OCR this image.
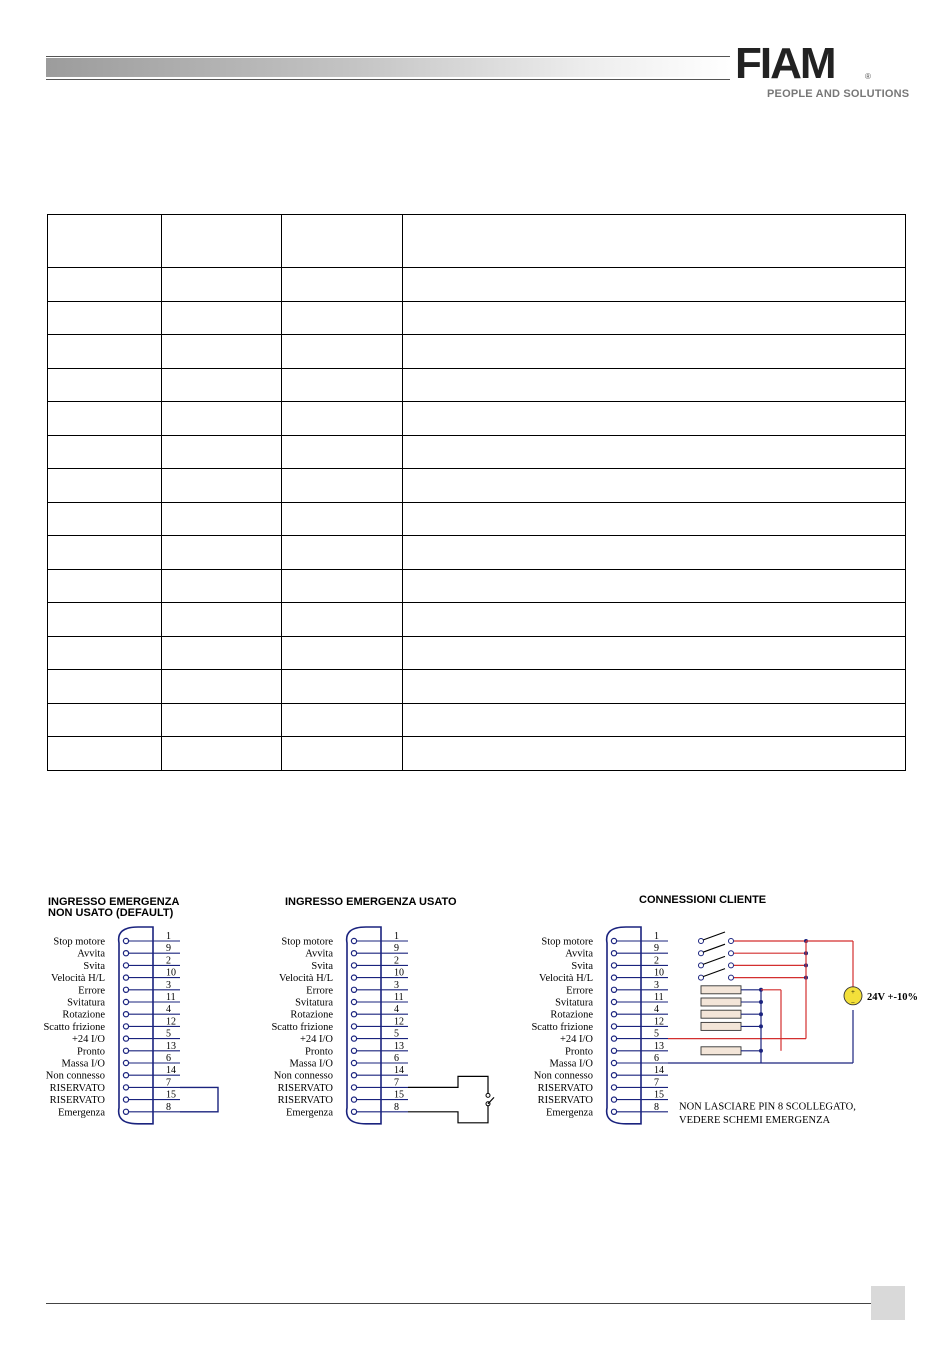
FIAM	®
PEOPLE AND SOLUTIONS

INGRESSO EMERGENZA
NON USATO (DEFAULT)
Stop motore
Avvita
Svita
Velocità H/L
Errore
Svitatura
Rotazione
Scatto frizione
+24 I/O
Pronto
Massa I/O
Non connesso
RISERVATO
RISERVATO
Emergenza
1
9
2
10
3
11
4
12
5
13
6
14
7
15
8
INGRESSO EMERGENZA USATO
Stop motore
Avvita
Svita
Velocità H/L
Errore
Svitatura
Rotazione
Scatto frizione
+24 I/O
Pronto
Massa I/O
Non connesso
RISERVATO
RISERVATO
Emergenza
1
9
2
10
3
11
4
12
5
13
6
14
7
15
8
CONNESSIONI CLIENTE
Stop motore
Avvita
Svita
Velocità H/L
Errore
Svitatura
Rotazione
Scatto frizione
+24 I/O
Pronto
Massa I/O
Non connesso
RISERVATO
RISERVATO
Emergenza
1
9
2
10
3
11
4
12
5
13
6
14
7
15
8
+
− 24V +-10%
NON LASCIARE PIN 8 SCOLLEGATO,
VEDERE SCHEMI EMERGENZA
